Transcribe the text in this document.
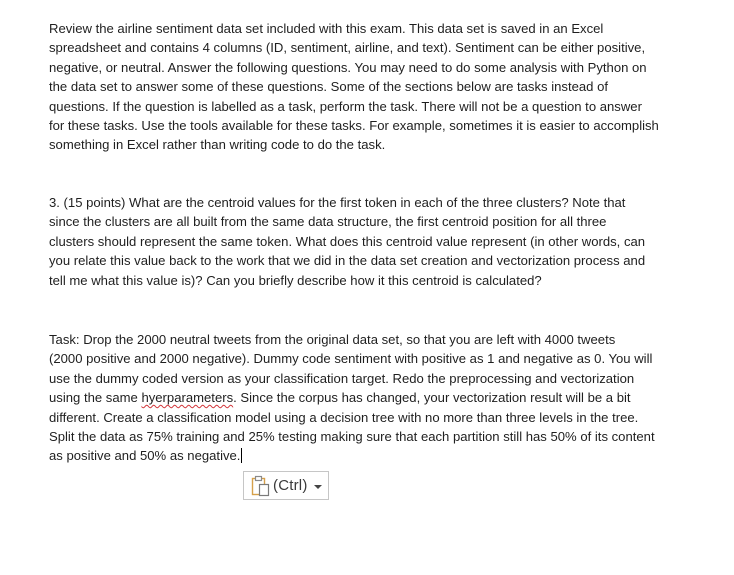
Review the airline sentiment data set included with this exam. This data set is saved in an Excel
spreadsheet and contains 4 columns (ID, sentiment, airline, and text). Sentiment can be either positive,
negative, or neutral. Answer the following questions. You may need to do some analysis with Python on
the data set to answer some of these questions. Some of the sections below are tasks instead of
questions. If the question is labelled as a task, perform the task. There will not be a question to answer
for these tasks. Use the tools available for these tasks. For example, sometimes it is easier to accomplish
something in Excel rather than writing code to do the task.

3. (15 points) What are the centroid values for the first token in each of the three clusters? Note that
since the clusters are all built from the same data structure, the first centroid position for all three
clusters should represent the same token. What does this centroid value represent (in other words, can
you relate this value back to the work that we did in the data set creation and vectorization process and
tell me what this value is)? Can you briefly describe how it this centroid is calculated?

Task: Drop the 2000 neutral tweets from the original data set, so that you are left with 4000 tweets
(2000 positive and 2000 negative). Dummy code sentiment with positive as 1 and negative as 0. You will
use the dummy coded version as your classification target. Redo the preprocessing and vectorization
using the same hyerparameters. Since the corpus has changed, your vectorization result will be a bit
different. Create a classification model using a decision tree with no more than three levels in the tree.
Split the data as 75% training and 25% testing making sure that each partition still has 50% of its content
as positive and 50% as negative.

(Ctrl)
